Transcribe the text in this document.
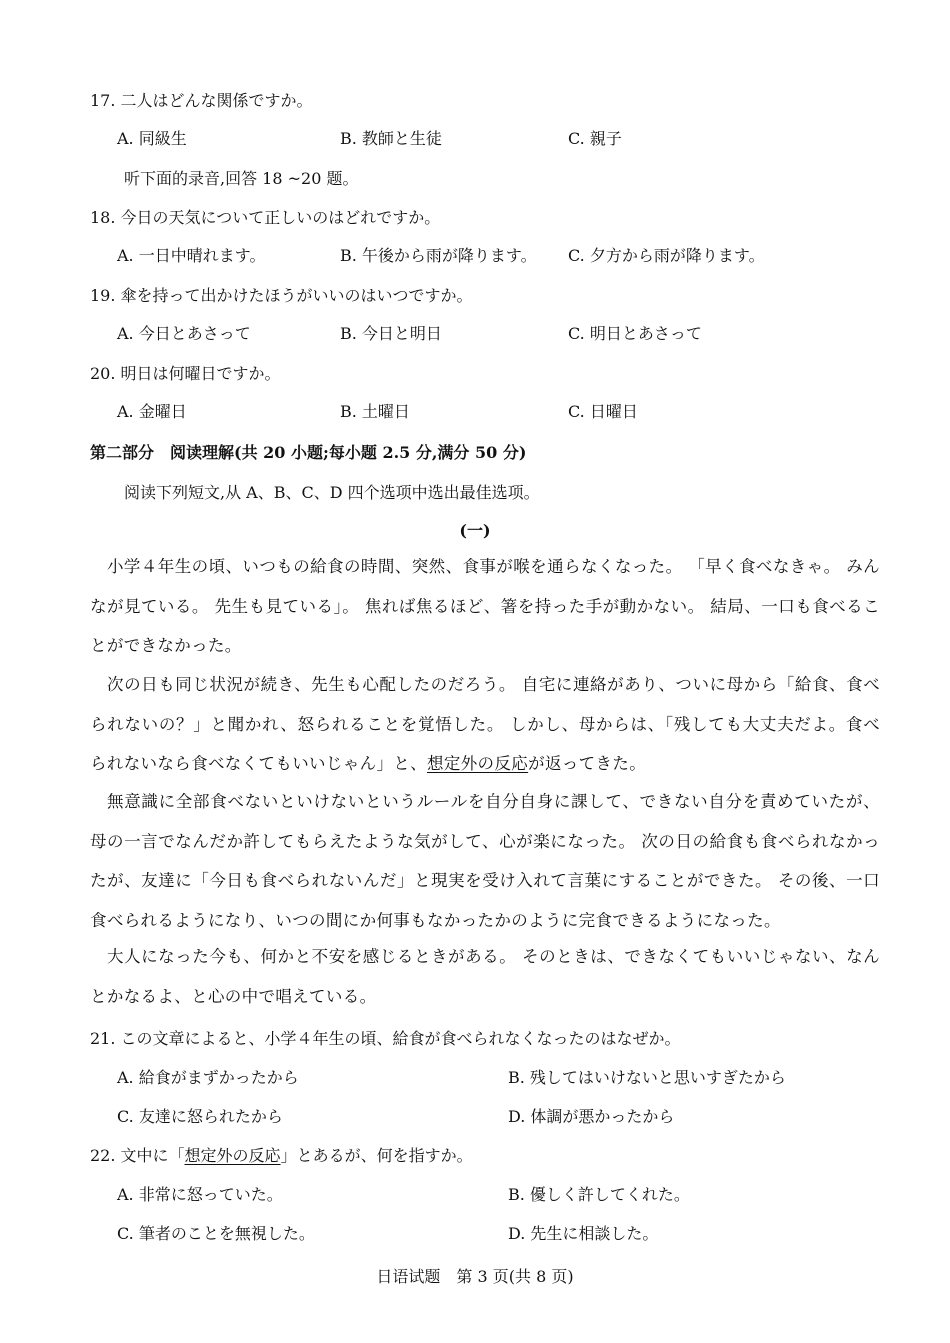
17. 二人はどんな関係ですか。
A. 同級生	B. 教師と生徒	C. 親子
听下面的录音,回答 18 ~20 题。
18. 今日の天気について正しいのはどれですか。
A. 一日中晴れます。	B. 午後から雨が降ります。 C. 夕方から雨が降ります。
19. 傘を持って出かけたほうがいいのはいつですか。
A. 今日とあさって	B. 今日と明日	C. 明日とあさって
20. 明日は何曜日ですか。
A. 金曜日	B. 土曜日	C. 日曜日
第二部分　阅读理解(共 20 小题;每小题 2.5 分,满分 50 分)
阅读下列短文,从 A、B、C、D 四个选项中选出最佳选项。
(一)

小学４年生の頃、いつもの給食の時間、突然、食事が喉を通らなくなった。 「早く食べなきゃ。 みんなが見ている。 先生も見ている」。 焦れば焦るほど、箸を持った手が動かない。 結局、一口も食べることができなかった。

次の日も同じ状況が続き、先生も心配したのだろう。 自宅に連絡があり、ついに母から「給食、食べられないの？」と聞かれ、怒られることを覚悟した。 しかし、母からは、「残しても大丈夫だよ。食べられないなら食べなくてもいいじゃん」と、想定外の反応が返ってきた。

無意識に全部食べないといけないというルールを自分自身に課して、できない自分を責めていたが、母の一言でなんだか許してもらえたような気がして、心が楽になった。 次の日の給食も食べられなかったが、友達に「今日も食べられないんだ」と現実を受け入れて言葉にすることができた。 その後、一口食べられるようになり、いつの間にか何事もなかったかのように完食できるようになった。

大人になった今も、何かと不安を感じるときがある。 そのときは、できなくてもいいじゃない、なんとかなるよ、と心の中で唱えている。

21. この文章によると、小学４年生の頃、給食が食べられなくなったのはなぜか。
A. 給食がまずかったから	B. 残してはいけないと思いすぎたから
C. 友達に怒られたから	D. 体調が悪かったから
22. 文中に「想定外の反応」とあるが、何を指すか。
A. 非常に怒っていた。	B. 優しく許してくれた。
C. 筆者のことを無視した。	D. 先生に相談した。
日语试题　第 3 页(共 8 页)
